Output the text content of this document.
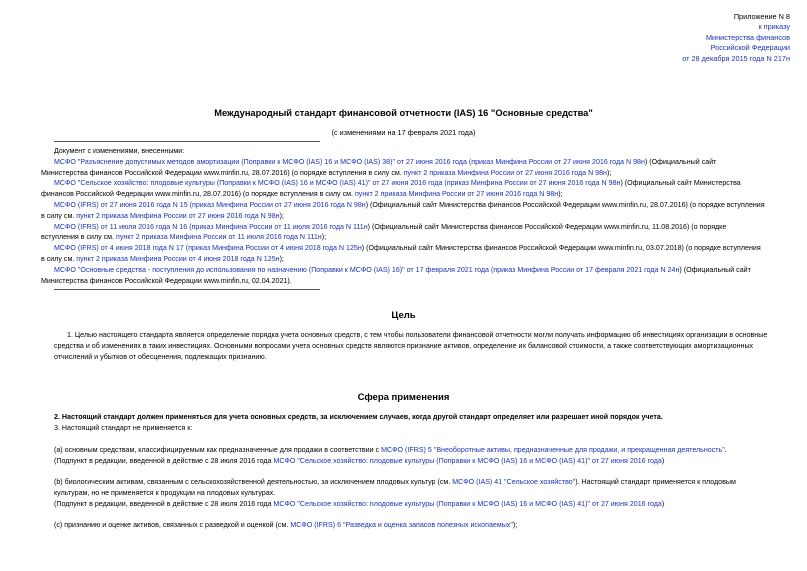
Приложение N 8
к приказу
Министерства финансов
Российской Федерации
от 28 декабря 2015 года N 217н
Международный стандарт финансовой отчетности (IAS) 16 "Основные средства"
(с изменениями на 17 февраля 2021 года)
Документ с изменениями, внесенными:
МСФО "Разъяснение допустимых методов амортизации (Поправки к МСФО (IAS) 16 и МСФО (IAS) 38)" от 27 июня 2016 года (приказ Минфина России от 27 июня 2016 года N 98н) (Официальный сайт
Министерства финансов Российской Федерации www.minfin.ru, 28.07.2016) (о порядке вступления в силу см. пункт 2 приказа Минфина России от 27 июня 2016 года N 98н);
МСФО "Сельское хозяйство: плодовые культуры (Поправки к МСФО (IAS) 16 и МСФО (IAS) 41)" от 27 июня 2016 года (приказ Минфина России от 27 июня 2016 года N 98н) (Официальный сайт Министерства
финансов Российской Федерации www.minfin.ru, 28.07.2016) (о порядке вступления в силу см. пункт 2 приказа Минфина России от 27 июня 2016 года N 98н);
МСФО (IFRS) от 27 июня 2016 года N 15 (приказ Минфина России от 27 июня 2016 года N 98н) (Официальный сайт Министерства финансов Российской Федерации www.minfin.ru, 28.07.2016) (о порядке вступления
в силу см. пункт 2 приказа Минфина России от 27 июня 2016 года N 98н);
МСФО (IFRS) от 11 июля 2016 года N 16 (приказ Минфина России от 11 июля 2016 года N 111н) (Официальный сайт Министерства финансов Российской Федерации www.minfin.ru, 11.08.2016) (о порядке
вступления в силу см. пункт 2 приказа Минфина России от 11 июля 2016 года N 111н);
МСФО (IFRS) от 4 июня 2018 года N 17 (приказ Минфина России от 4 июня 2018 года N 125н) (Официальный сайт Министерства финансов Российской Федерации www.minfin.ru, 03.07.2018) (о порядке вступления
в силу см. пункт 2 приказа Минфина России от 4 июня 2018 года N 125н);
МСФО "Основные средства - поступления до использования по назначению (Поправки к МСФО (IAS) 16)" от 17 февраля 2021 года (приказ Минфина России от 17 февраля 2021 года N 24н) (Официальный сайт
Министерства финансов Российской Федерации www.minfin.ru, 02.04.2021).
Цель
1. Целью настоящего стандарта является определение порядка учета основных средств, с тем чтобы пользователи финансовой отчетности могли получать информацию об инвестициях организации в основные
средства и об изменениях в таких инвестициях. Основными вопросами учета основных средств являются признание активов, определение их балансовой стоимости, а также соответствующих амортизационных
отчислений и убытков от обесценения, подлежащих признанию.
Сфера применения
2. Настоящий стандарт должен применяться для учета основных средств, за исключением случаев, когда другой стандарт определяет или разрешает иной порядок учета.
3. Настоящий стандарт не применяется к:
(a) основным средствам, классифицируемым как предназначенные для продажи в соответствии с МСФО (IFRS) 5 "Внеоборотные активы, предназначенные для продажи, и прекращенная деятельность".
(Подпункт в редакции, введенной в действие с 28 июля 2016 года МСФО "Сельское хозяйство: плодовые культуры (Поправки к МСФО (IAS) 16 и МСФО (IAS) 41)" от 27 июня 2016 года)
(b) биологическим активам, связанным с сельскохозяйственной деятельностью, за исключением плодовых культур (см. МСФО (IAS) 41 "Сельское хозяйство"). Настоящий стандарт применяется к плодовым
культурам, но не применяется к продукции на плодовых культурах.
(Подпункт в редакции, введенной в действие с 28 июля 2016 года МСФО "Сельское хозяйство: плодовые культуры (Поправки к МСФО (IAS) 16 и МСФО (IAS) 41)" от 27 июня 2016 года)
(c) признанию и оценке активов, связанных с разведкой и оценкой (см. МСФО (IFRS) 6 "Разведка и оценка запасов полезных ископаемых");
